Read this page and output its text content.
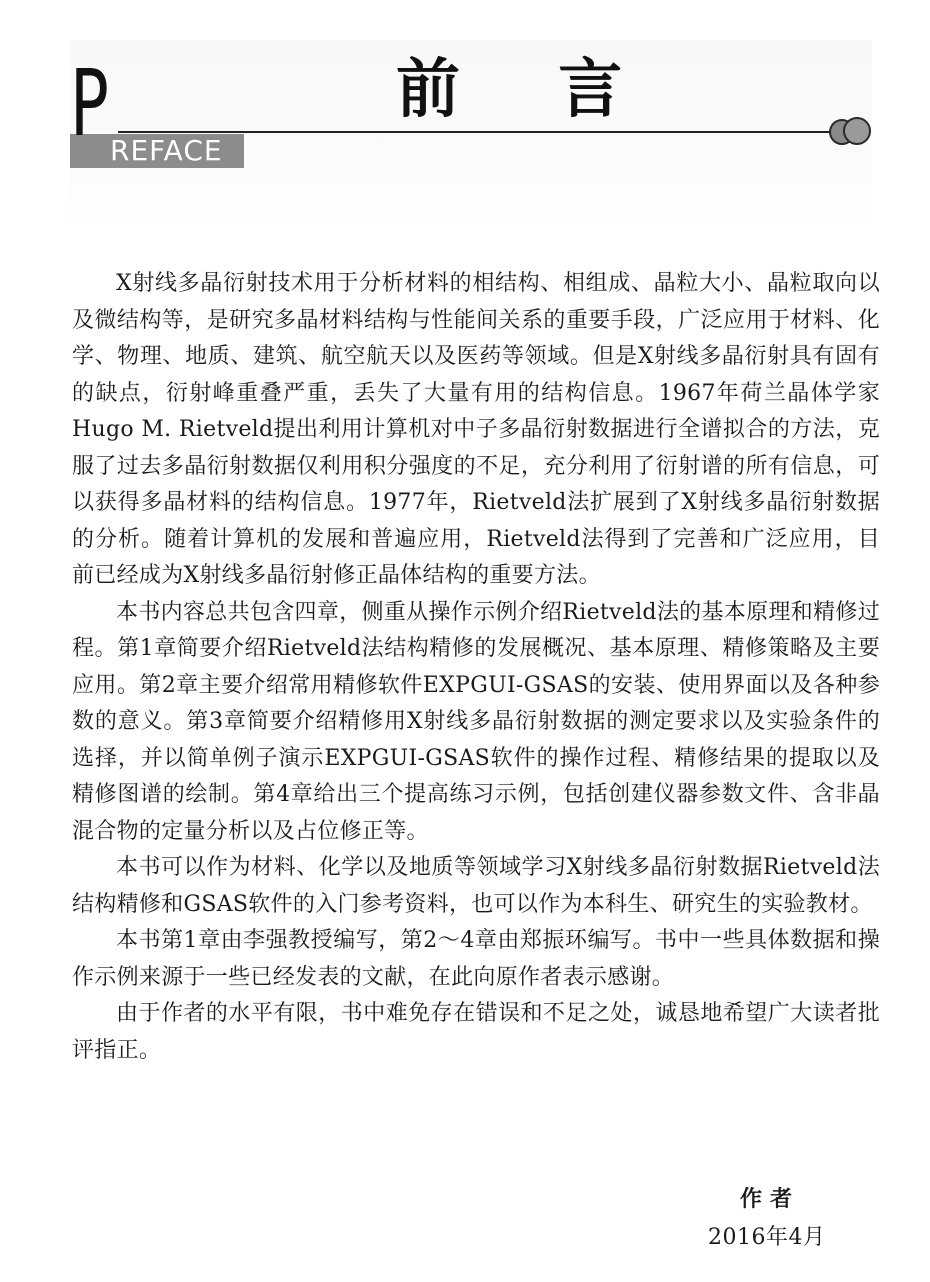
P REFACE
前 言

X射线多晶衍射技术用于分析材料的相结构、相组成、晶粒大小、晶粒取向以及微结构等，是研究多晶材料结构与性能间关系的重要手段，广泛应用于材料、化学、物理、地质、建筑、航空航天以及医药等领域。但是X射线多晶衍射具有固有的缺点，衍射峰重叠严重，丢失了大量有用的结构信息。1967年荷兰晶体学家Hugo M. Rietveld提出利用计算机对中子多晶衍射数据进行全谱拟合的方法，克服了过去多晶衍射数据仅利用积分强度的不足，充分利用了衍射谱的所有信息，可以获得多晶材料的结构信息。1977年，Rietveld法扩展到了X射线多晶衍射数据的分析。随着计算机的发展和普遍应用，Rietveld法得到了完善和广泛应用，目前已经成为X射线多晶衍射修正晶体结构的重要方法。

本书内容总共包含四章，侧重从操作示例介绍Rietveld法的基本原理和精修过程。第1章简要介绍Rietveld法结构精修的发展概况、基本原理、精修策略及主要应用。第2章主要介绍常用精修软件EXPGUI-GSAS的安装、使用界面以及各种参数的意义。第3章简要介绍精修用X射线多晶衍射数据的测定要求以及实验条件的选择，并以简单例子演示EXPGUI-GSAS软件的操作过程、精修结果的提取以及精修图谱的绘制。第4章给出三个提高练习示例，包括创建仪器参数文件、含非晶混合物的定量分析以及占位修正等。

本书可以作为材料、化学以及地质等领域学习X射线多晶衍射数据Rietveld法结构精修和GSAS软件的入门参考资料，也可以作为本科生、研究生的实验教材。

本书第1章由李强教授编写，第2～4章由郑振环编写。书中一些具体数据和操作示例来源于一些已经发表的文献，在此向原作者表示感谢。

由于作者的水平有限，书中难免存在错误和不足之处，诚恳地希望广大读者批评指正。

作者
2016年4月
